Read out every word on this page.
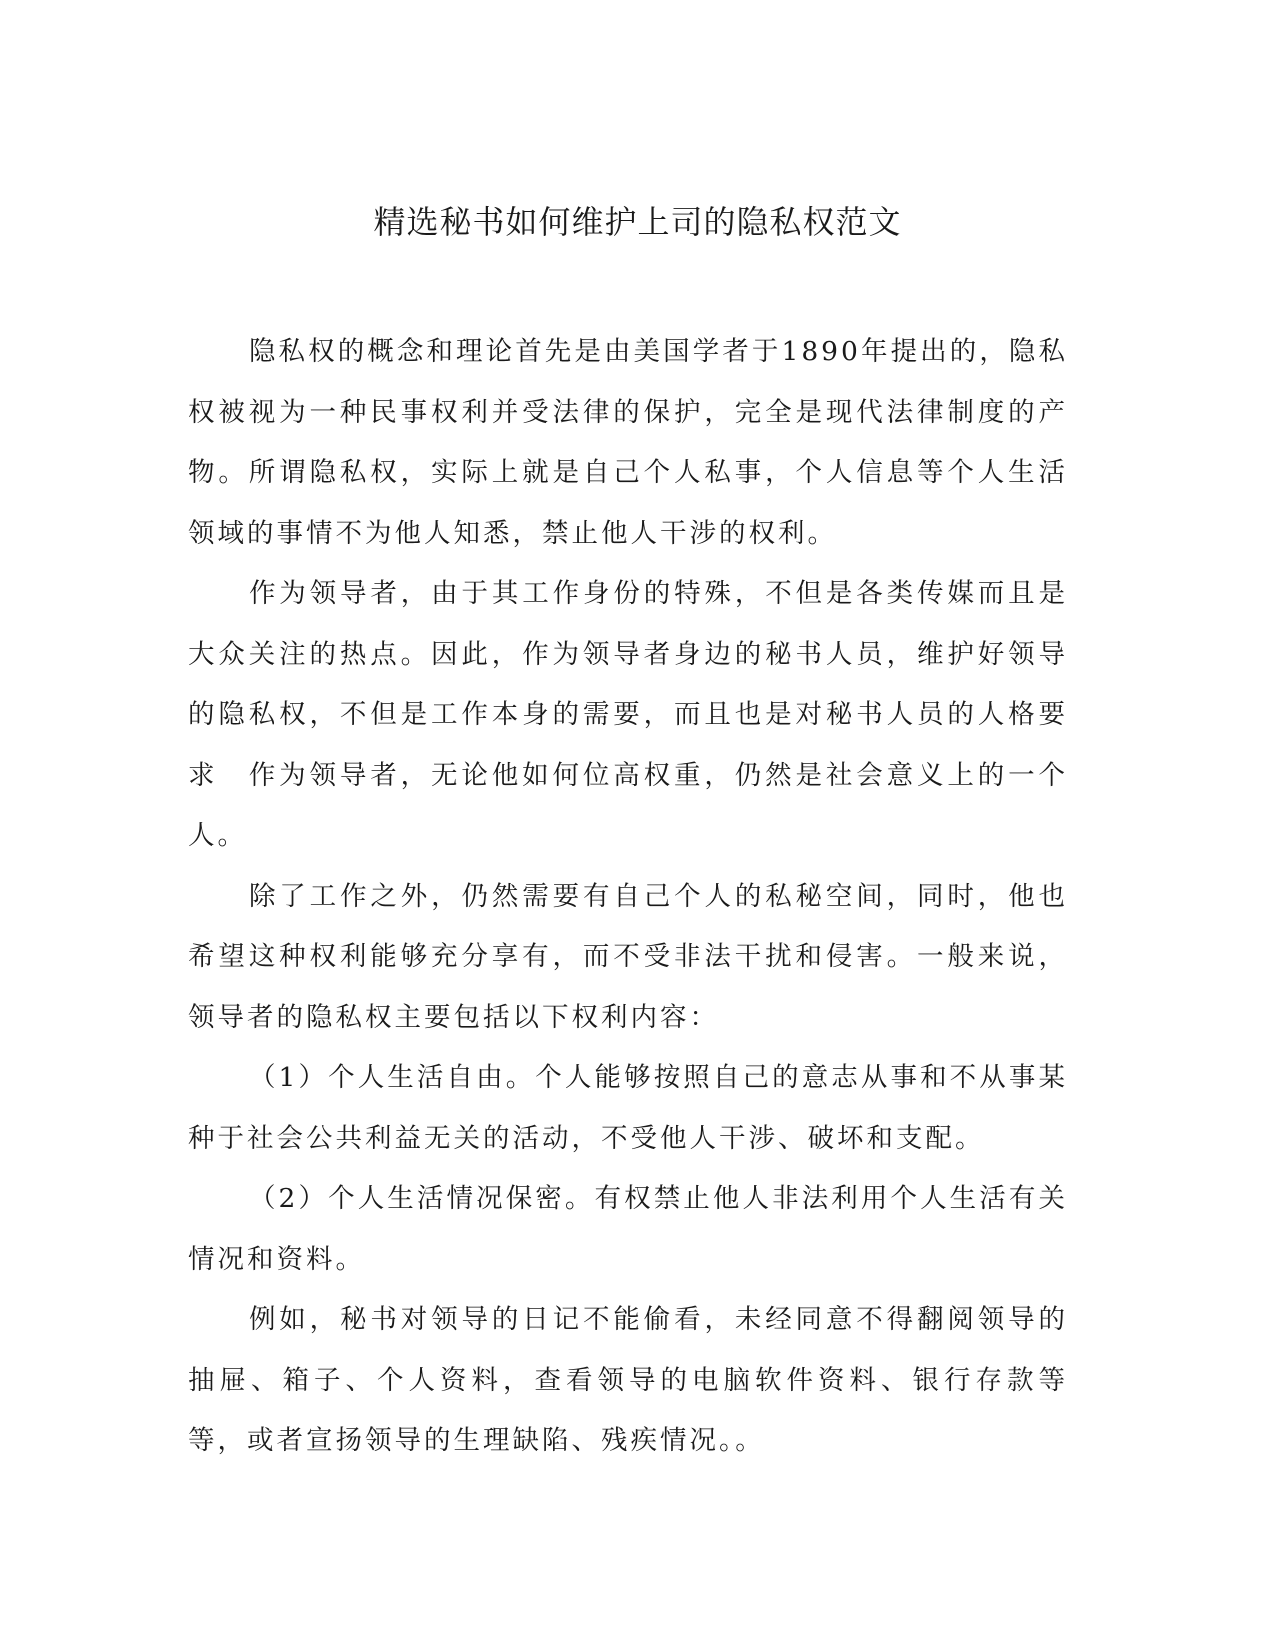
精选秘书如何维护上司的隐私权范文

隐私权的概念和理论首先是由美国学者于1890年提出的，隐私权被视为一种民事权利并受法律的保护，完全是现代法律制度的产物。所谓隐私权，实际上就是自己个人私事，个人信息等个人生活领域的事情不为他人知悉，禁止他人干涉的权利。

作为领导者，由于其工作身份的特殊，不但是各类传媒而且是大众关注的热点。因此，作为领导者身边的秘书人员，维护好领导的隐私权，不但是工作本身的需要，而且也是对秘书人员的人格要求　作为领导者，无论他如何位高权重，仍然是社会意义上的一个人。

除了工作之外，仍然需要有自己个人的私秘空间，同时，他也希望这种权利能够充分享有，而不受非法干扰和侵害。一般来说，领导者的隐私权主要包括以下权利内容：

（1）个人生活自由。个人能够按照自己的意志从事和不从事某种于社会公共利益无关的活动，不受他人干涉、破坏和支配。

（2）个人生活情况保密。有权禁止他人非法利用个人生活有关情况和资料。

例如，秘书对领导的日记不能偷看，未经同意不得翻阅领导的抽屉、箱子、个人资料，查看领导的电脑软件资料、银行存款等等，或者宣扬领导的生理缺陷、残疾情况。。
